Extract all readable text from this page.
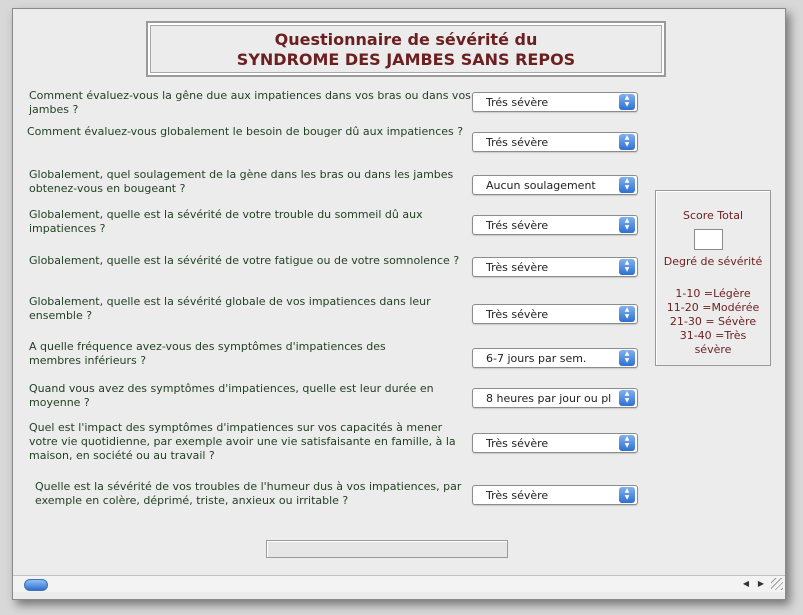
Questionnaire de sévérité du
SYNDROME DES JAMBES SANS REPOS
Comment évaluez-vous la gêne due aux impatiences dans vos bras ou dans vos
jambes ?
Trés sévère	▲
▼
Comment évaluez-vous globalement le besoin de bouger dû aux impatiences ?
Trés sévère	▲
▼
Globalement, quel soulagement de la gène dans les bras ou dans les jambes
obtenez-vous en bougeant ?	Aucun soulagement	▲
▼
Globalement, quelle est la sévérité de votre trouble du sommeil dû aux
impatiences ?	Trés sévère	▲
▼
Globalement, quelle est la sévérité de votre fatigue ou de votre somnolence ?
Très sévère	▲
▼
Globalement, quelle est la sévérité globale de vos impatiences dans leur
ensemble ?	Très sévère	▲
▼
A quelle fréquence avez-vous des symptômes d'impatiences des
membres inférieurs ?	6-7 jours par sem.	▲
▼
Quand vous avez des symptômes d'impatiences, quelle est leur durée en
moyenne ?	8 heures par jour ou pl	▲
▼
Quel est l'impact des symptômes d'impatiences sur vos capacités à mener
votre vie quotidienne, par exemple avoir une vie satisfaisante en famille, à la
maison, en société ou au travail ?
Très sévère	▲
▼
Quelle est la sévérité de vos troubles de l'humeur dus à vos impatiences, par
exemple en colère, déprimé, triste, anxieux ou irritable ?	Très sévère	▲
▼
Score Total
Degré de sévérité
1-10 =Légère
11-20 =Modérée
21-30 = Sévère
31-40 =Très
sévère
◀	▶
